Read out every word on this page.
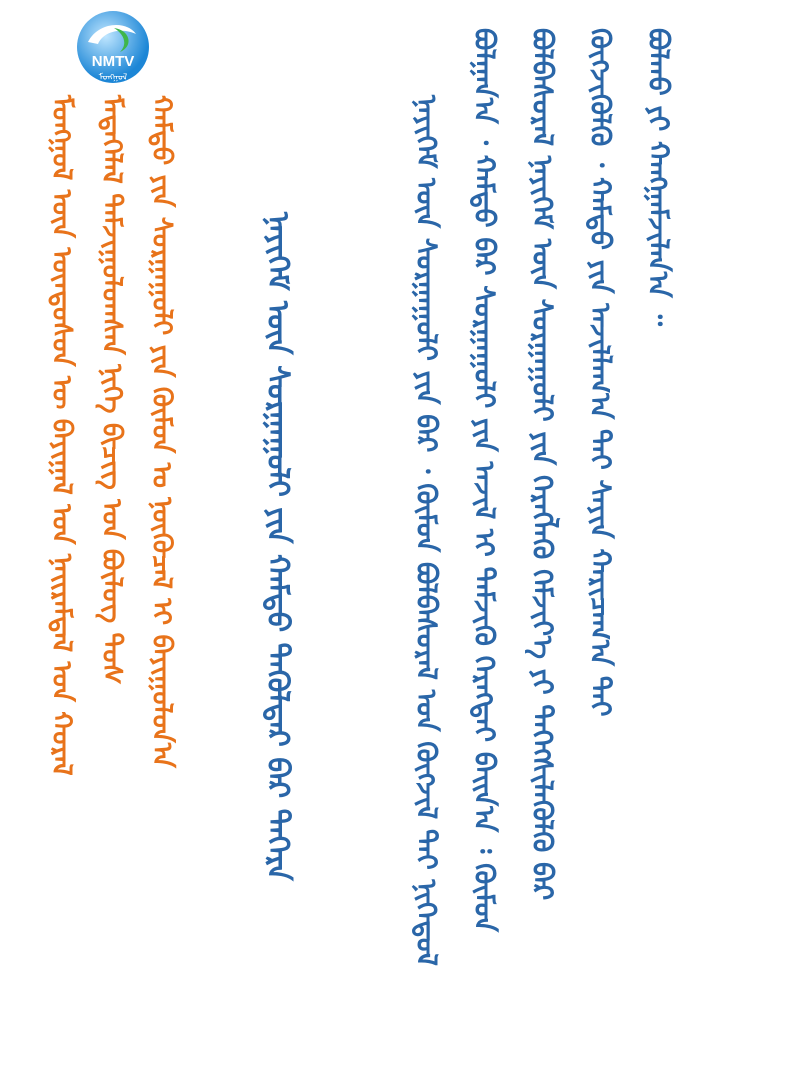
NMTV
ᠮᠣᠩᠭᠣᠯ
ᠮᠣᠩᠭᠣᠯ ᠦᠨ ᠦᠨᠳᠦᠰᠦᠨ ᠦ ᠪᠠᠶᠢᠭᠠᠯ ᠤᠨ ᠨᠠᠢᠷᠠᠮᠳᠠᠯ ᠤᠨ ᠬᠤᠷᠠᠯ ᠮᠡᠳᠡᠭᠡᠯᠡᠯ ᠳᠠᠮᠵᠢᠭᠤᠯᠤᠭᠰᠠᠨ ᠨᠢᠭᠡ ᠪᠢᠴᠢᠭ ᠤᠨ ᠪᠦᠯᠦᠭ ᠲᠤᠰ ᠬᠠᠮᠲᠤ ᠶᠢᠨ ᠰᠤᠷᠭᠠᠭᠤᠯᠢ ᠶᠢᠨ ᠬᠦᠮᠦᠨ ᠤ ᠨᠦᠬᠦᠴᠡᠯ ᠢ ᠪᠠᠶᠢᠭᠤᠯᠤᠨ᠎ᠠ	ᠨᠡᠶᠢᠭᠡᠮ ᠦᠨ ᠰᠤᠷᠭᠠᠭᠤᠯᠢ ᠶᠢᠨ ᠬᠠᠮᠲᠤ ᠲᠡᠭᠦᠯᠳᠡᠷ ᠪᠠᠷ ᠳᠡᠭᠡᠷᠡ	ᠨᠡᠶᠢᠭᠡᠮ ᠦᠨ ᠰᠤᠷᠭᠠᠭᠤᠯᠢ ᠶᠢᠨ ᠪᠡᠷ ᠂ ᠬᠦᠮᠦᠨ ᠪᠣᠯᠪᠠᠰᠤᠷᠠᠯ ᠤᠨ ᠬᠥᠭᠵᠢᠯ ᠲᠡᠢ ᠨᠢᠭᠡᠳᠦᠯ ᠪᠣᠯᠭᠠᠨ᠎ᠠ ᠂ ᠬᠠᠮᠲᠤ ᠪᠠᠷ ᠰᠤᠷᠭᠠᠭᠤᠯᠢ ᠶᠢᠨ ᠠᠵᠢᠯ ᠢ ᠳᠡᠮᠵᠢᠬᠦ ᠬᠡᠷᠡᠭᠲᠡᠢ ᠪᠠᠢᠨ᠎ᠠ ᠄ ᠬᠦᠮᠦᠨ ᠪᠣᠯᠪᠠᠰᠤᠷᠠᠯ ᠨᠡᠶᠢᠭᠡᠮ ᠦᠨ ᠰᠤᠷᠭᠠᠭᠤᠯᠢ ᠶᠢᠨ ᠬᠡᠷᠡᠭᠯᠡᠬᠦ ᠬᠡᠮᠵᠢᠶ᠎ᠡ ᠶᠢ ᠳᠡᠭᠡᠭᠰᠢᠯᠡᠭᠦᠯᠬᠦ ᠪᠠᠷ ᠬᠥᠭᠵᠢᠭᠦᠯᠬᠦ ᠂ ᠬᠠᠮᠲᠤ ᠶᠢᠨ ᠠᠵᠢᠯᠯᠠᠭ᠎ᠠ ᠲᠠᠢ ᠰᠠᠶᠢᠨ ᠬᠠᠷᠢᠴᠠᠭ᠎ᠠ ᠲᠠᠢ ᠪᠣᠯᠬᠤ ᠶᠢ ᠬᠠᠩᠭᠠᠮᠵᠢᠯᠠᠨ᠎ᠠ ᠃
